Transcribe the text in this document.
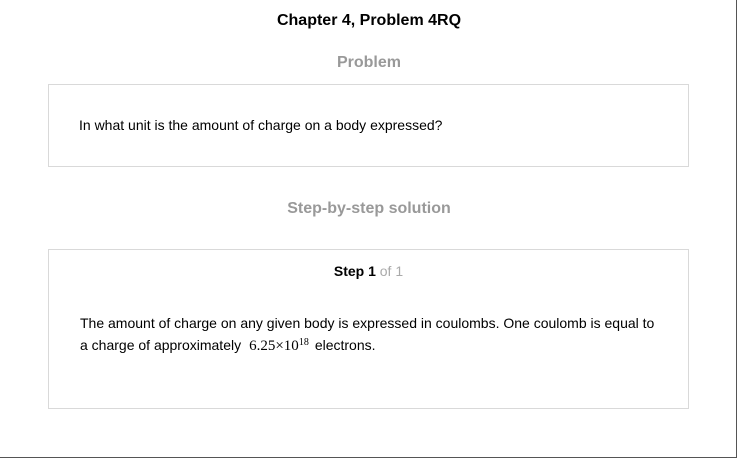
Chapter 4, Problem 4RQ
Problem
In what unit is the amount of charge on a body expressed?
Step-by-step solution
Step 1 of 1
The amount of charge on any given body is expressed in coulombs. One coulomb is equal to a charge of approximately $6.25\times 10^{18}$ electrons.
